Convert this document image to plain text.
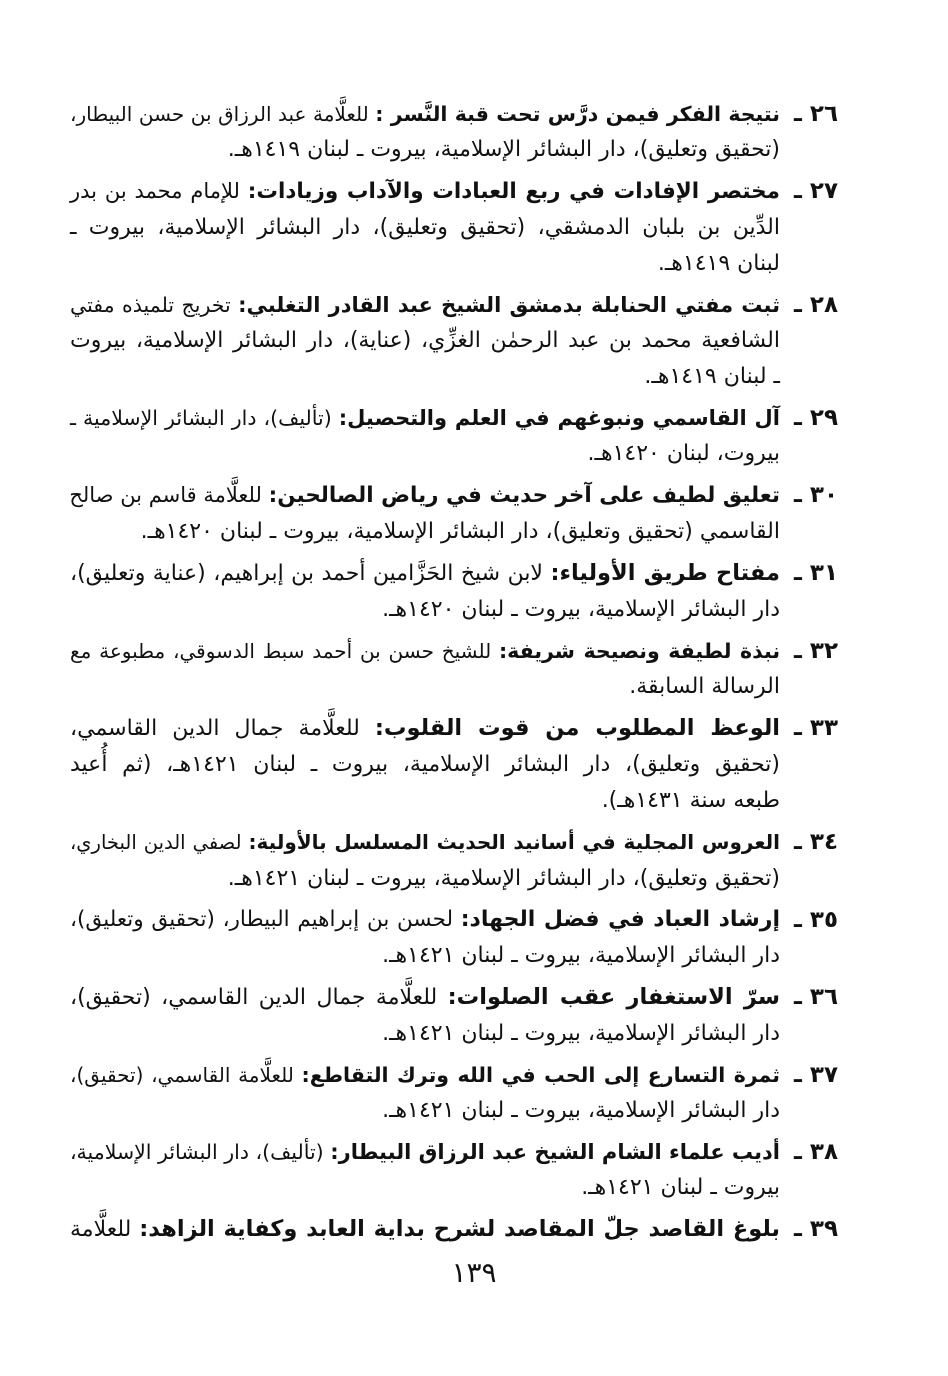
٢٦ ـ
نتيجة الفكر فيمن درَّس تحت قبة النَّسر : للعلَّامة عبد الرزاق بن حسن البيطار،
(تحقيق وتعليق)، دار البشائر الإسلامية، بيروت ـ لبنان ١٤١٩هـ.
٢٧ ـ
مختصر الإفادات في ربع العبادات والآداب وزيادات: للإمام محمد بن بدر
الدِّين بن بلبان الدمشقي، (تحقيق وتعليق)، دار البشائر الإسلامية، بيروت ـ
لبنان ١٤١٩هـ.
٢٨ ـ
ثبت مفتي الحنابلة بدمشق الشيخ عبد القادر التغلبي: تخريج تلميذه مفتي
الشافعية محمد بن عبد الرحمٰن الغزِّي، (عناية)، دار البشائر الإسلامية، بيروت
ـ لبنان ١٤١٩هـ.
٢٩ ـ
آل القاسمي ونبوغهم في العلم والتحصيل: (تأليف)، دار البشائر الإسلامية ـ
بيروت، لبنان ١٤٢٠هـ.
٣٠ ـ
تعليق لطيف على آخر حديث في رياض الصالحين: للعلَّامة قاسم بن صالح
القاسمي (تحقيق وتعليق)، دار البشائر الإسلامية، بيروت ـ لبنان ١٤٢٠هـ.
٣١ ـ
مفتاح طريق الأولياء: لابن شيخ الحَزَّامين أحمد بن إبراهيم، (عناية وتعليق)،
دار البشائر الإسلامية، بيروت ـ لبنان ١٤٢٠هـ.
٣٢ ـ
نبذة لطيفة ونصيحة شريفة: للشيخ حسن بن أحمد سبط الدسوقي، مطبوعة مع
الرسالة السابقة.
٣٣ ـ
الوعظ المطلوب من قوت القلوب: للعلَّامة جمال الدين القاسمي،
(تحقيق وتعليق)، دار البشائر الإسلامية، بيروت ـ لبنان ١٤٢١هـ، (ثم أُعيد
طبعه سنة ١٤٣١هـ).
٣٤ ـ
العروس المجلية في أسانيد الحديث المسلسل بالأولية: لصفي الدين البخاري،
(تحقيق وتعليق)، دار البشائر الإسلامية، بيروت ـ لبنان ١٤٢١هـ.
٣٥ ـ
إرشاد العباد في فضل الجهاد: لحسن بن إبراهيم البيطار، (تحقيق وتعليق)،
دار البشائر الإسلامية، بيروت ـ لبنان ١٤٢١هـ.
٣٦ ـ
سرّ الاستغفار عقب الصلوات: للعلَّامة جمال الدين القاسمي، (تحقيق)،
دار البشائر الإسلامية، بيروت ـ لبنان ١٤٢١هـ.
٣٧ ـ
ثمرة التسارع إلى الحب في الله وترك التقاطع: للعلَّامة القاسمي، (تحقيق)،
دار البشائر الإسلامية، بيروت ـ لبنان ١٤٢١هـ.
٣٨ ـ
أديب علماء الشام الشيخ عبد الرزاق البيطار: (تأليف)، دار البشائر الإسلامية،
بيروت ـ لبنان ١٤٢١هـ.
٣٩ ـ
بلوغ القاصد جلّ المقاصد لشرح بداية العابد وكفاية الزاهد: للعلَّامة
١٣٩
